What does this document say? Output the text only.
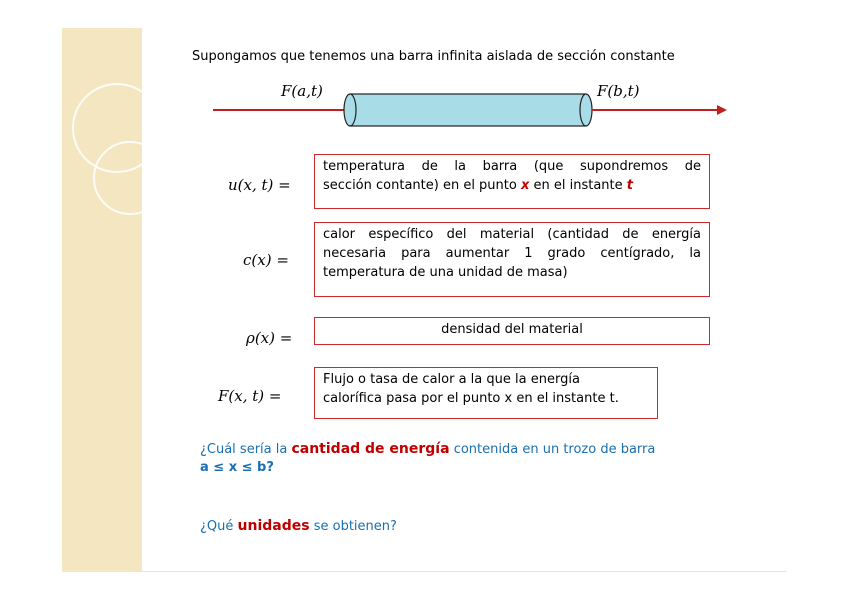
Supongamos que tenemos una barra infinita aislada de sección constante
F(a,t)	F(b,t)
u(x, t) =
temperatura de la barra (que supondremos de
sección contante) en el punto x en el instante t
c(x) =
calor específico del material (cantidad de energía
necesaria para aumentar 1 grado centígrado, la
temperatura de una unidad de masa)
ρ(x) =	densidad del material
F(x, t) =
Flujo o tasa de calor a la que la energía
calorífica pasa por el punto x en el instante t.
¿Cuál sería la cantidad de energía contenida en un trozo de barra
a ≤ x ≤ b?
¿Qué unidades se obtienen?
